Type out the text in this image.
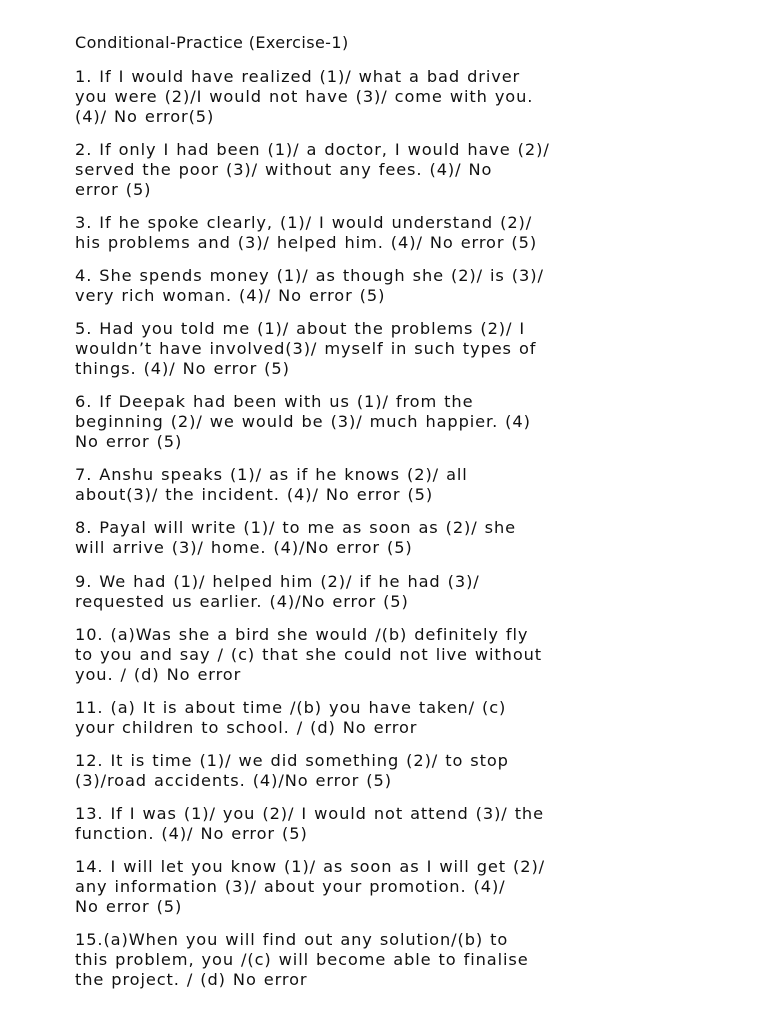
Conditional-Practice (Exercise-1)

1. If I would have realized (1)/ what a bad driver
you were (2)/I would not have (3)/ come with you.
(4)/ No error(5)

2. If only I had been (1)/ a doctor, I would have (2)/
served the poor (3)/ without any fees. (4)/ No
error (5)

3. If he spoke clearly, (1)/ I would understand (2)/
his problems and (3)/ helped him. (4)/ No error (5)

4. She spends money (1)/ as though she (2)/ is (3)/
very rich woman. (4)/ No error (5)

5. Had you told me (1)/ about the problems (2)/ I
wouldn’t have involved(3)/ myself in such types of
things. (4)/ No error (5)

6. If Deepak had been with us (1)/ from the
beginning (2)/ we would be (3)/ much happier. (4)
No error (5)

7. Anshu speaks (1)/ as if he knows (2)/ all
about(3)/ the incident. (4)/ No error (5)

8. Payal will write (1)/ to me as soon as (2)/ she
will arrive (3)/ home. (4)/No error (5)

9. We had (1)/ helped him (2)/ if he had (3)/
requested us earlier. (4)/No error (5)

10. (a)Was she a bird she would /(b) definitely fly
to you and say / (c) that she could not live without
you. / (d) No error

11. (a) It is about time /(b) you have taken/ (c)
your children to school. / (d) No error

12. It is time (1)/ we did something (2)/ to stop
(3)/road accidents. (4)/No error (5)

13. If I was (1)/ you (2)/ I would not attend (3)/ the
function. (4)/ No error (5)

14. I will let you know (1)/ as soon as I will get (2)/
any information (3)/ about your promotion. (4)/
No error (5)

15.(a)When you will find out any solution/(b) to
this problem, you /(c) will become able to finalise
the project. / (d) No error
